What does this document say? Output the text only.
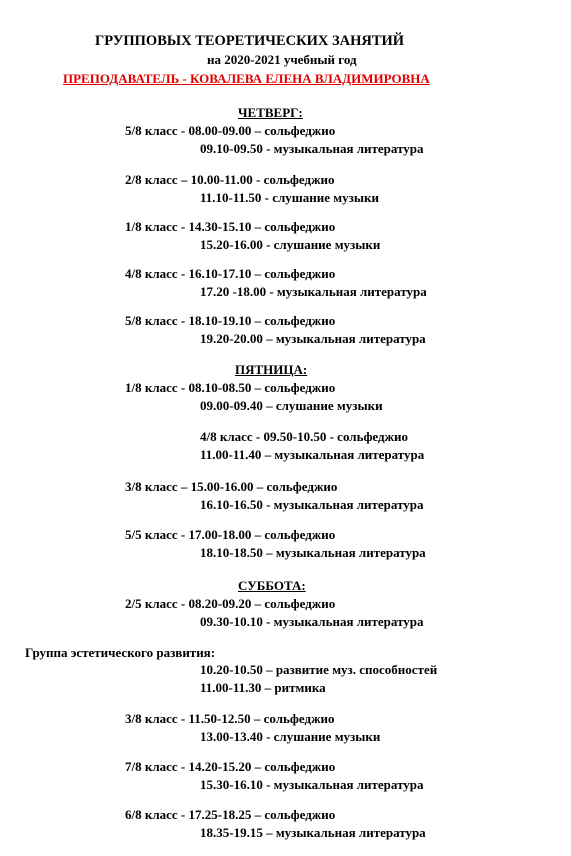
ГРУППОВЫХ ТЕОРЕТИЧЕСКИХ ЗАНЯТИЙ
на 2020-2021 учебный год
ПРЕПОДАВАТЕЛЬ - КОВАЛЕВА ЕЛЕНА ВЛАДИМИРОВНА
ЧЕТВЕРГ:
5/8 класс - 08.00-09.00 – сольфеджио
09.10-09.50 - музыкальная литература
2/8 класс – 10.00-11.00 - сольфеджио
11.10-11.50 - слушание музыки
1/8 класс - 14.30-15.10 – сольфеджио
15.20-16.00 - слушание музыки
4/8 класс - 16.10-17.10 – сольфеджио
17.20 -18.00 - музыкальная литература
5/8 класс - 18.10-19.10 – сольфеджио
19.20-20.00 – музыкальная литература
ПЯТНИЦА:
1/8 класс - 08.10-08.50 – сольфеджио
09.00-09.40 – слушание музыки
4/8 класс - 09.50-10.50 - сольфеджио
11.00-11.40 – музыкальная литература
3/8 класс – 15.00-16.00 – сольфеджио
16.10-16.50 - музыкальная литература
5/5 класс - 17.00-18.00 – сольфеджио
18.10-18.50 – музыкальная литература
СУББОТА:
2/5 класс - 08.20-09.20 – сольфеджио
09.30-10.10 - музыкальная литература
Группа эстетического развития:
10.20-10.50 – развитие муз. способностей
11.00-11.30 – ритмика
3/8 класс - 11.50-12.50 – сольфеджио
13.00-13.40 - слушание музыки
7/8 класс - 14.20-15.20 – сольфеджио
15.30-16.10 - музыкальная литература
6/8 класс - 17.25-18.25 – сольфеджио
18.35-19.15 – музыкальная литература
